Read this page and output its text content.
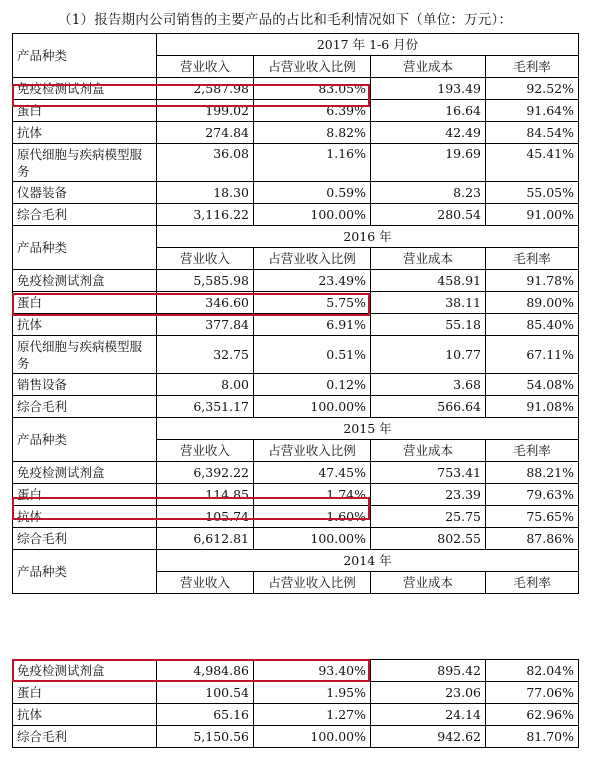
（1）报告期内公司销售的主要产品的占比和毛利情况如下（单位：万元）：
产品种类	2017 年 1-6 月份			
	营业收入	占营业收入比例	营业成本	毛利率
免疫检测试剂盒	2,587.98	83.05%	193.49	92.52%
蛋白	199.02	6.39%	16.64	91.64%
抗体	274.84	8.82%	42.49	84.54%
原代细胞与疾病模型服务	36.08	1.16%	19.69	45.41%
仪器装备	18.30	0.59%	8.23	55.05%
综合毛利	3,116.22	100.00%	280.54	91.00%
产品种类	2016 年			
	营业收入	占营业收入比例	营业成本	毛利率
免疫检测试剂盒	5,585.98	23.49%	458.91	91.78%
蛋白	346.60	5.75%	38.11	89.00%
抗体	377.84	6.91%	55.18	85.40%
原代细胞与疾病模型服务	32.75	0.51%	10.77	67.11%
销售设备	8.00	0.12%	3.68	54.08%
综合毛利	6,351.17	100.00%	566.64	91.08%
产品种类	2015 年			
	营业收入	占营业收入比例	营业成本	毛利率
免疫检测试剂盒	6,392.22	47.45%	753.41	88.21%
蛋白	114.85	1.74%	23.39	79.63%
抗体	105.74	1.60%	25.75	75.65%
综合毛利	6,612.81	100.00%	802.55	87.86%
产品种类	2014 年			
	营业收入	占营业收入比例	营业成本	毛利率
免疫检测试剂盒	4,984.86	93.40%	895.42	82.04%
蛋白	100.54	1.95%	23.06	77.06%
抗体	65.16	1.27%	24.14	62.96%
综合毛利	5,150.56	100.00%	942.62	81.70%
